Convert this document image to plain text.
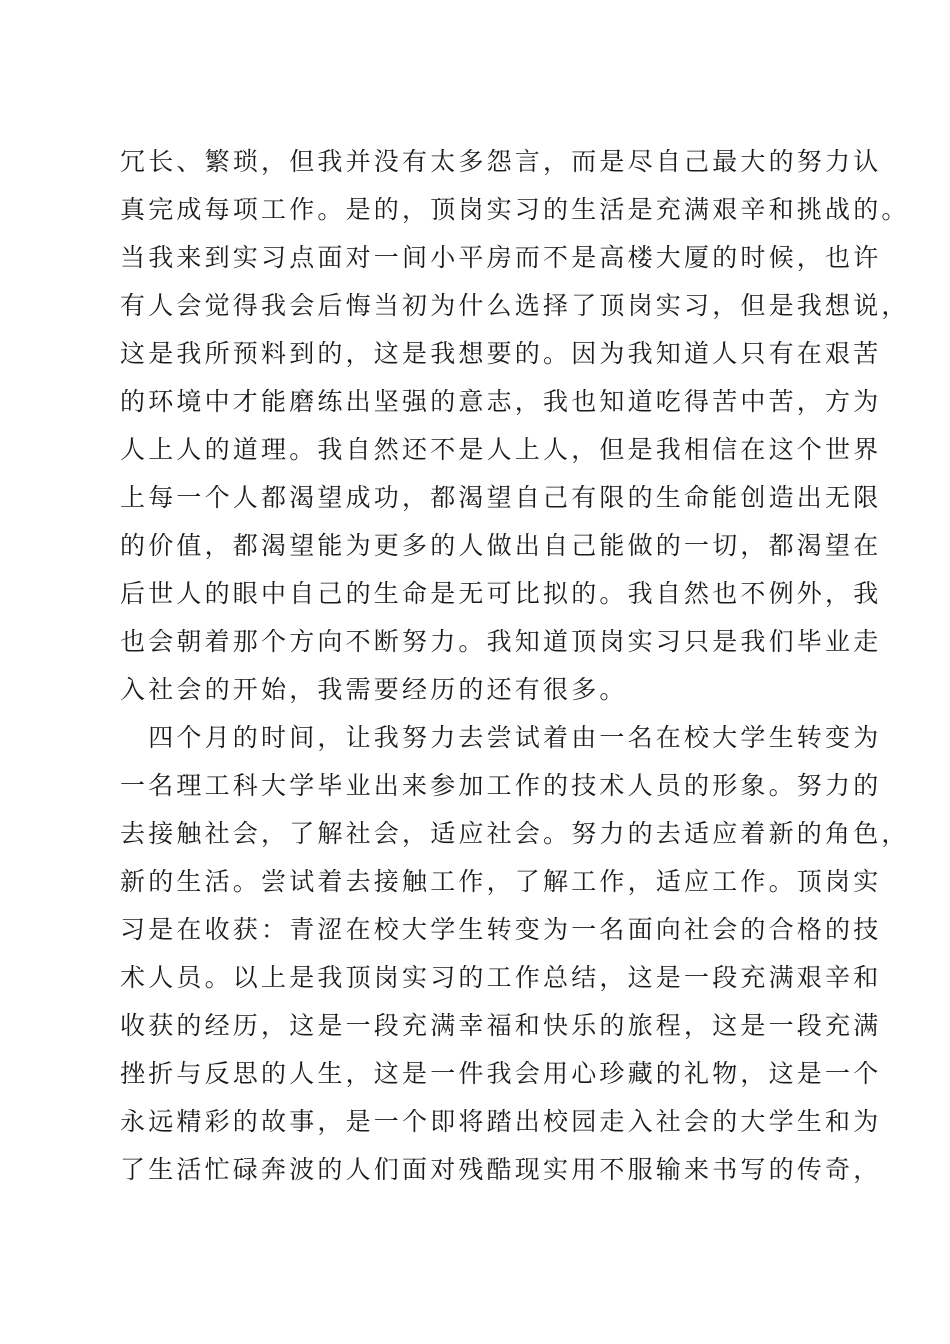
冗长、繁琐，但我并没有太多怨言，而是尽自己最大的努力认
真完成每项工作。是的，顶岗实习的生活是充满艰辛和挑战的。
当我来到实习点面对一间小平房而不是高楼大厦的时候，也许
有人会觉得我会后悔当初为什么选择了顶岗实习，但是我想说，
这是我所预料到的，这是我想要的。因为我知道人只有在艰苦
的环境中才能磨练出坚强的意志，我也知道吃得苦中苦，方为
人上人的道理。我自然还不是人上人，但是我相信在这个世界
上每一个人都渴望成功，都渴望自己有限的生命能创造出无限
的价值，都渴望能为更多的人做出自己能做的一切，都渴望在
后世人的眼中自己的生命是无可比拟的。我自然也不例外，我
也会朝着那个方向不断努力。我知道顶岗实习只是我们毕业走
入社会的开始，我需要经历的还有很多。
　四个月的时间，让我努力去尝试着由一名在校大学生转变为
一名理工科大学毕业出来参加工作的技术人员的形象。努力的
去接触社会，了解社会，适应社会。努力的去适应着新的角色，
新的生活。尝试着去接触工作，了解工作，适应工作。顶岗实
习是在收获：青涩在校大学生转变为一名面向社会的合格的技
术人员。以上是我顶岗实习的工作总结，这是一段充满艰辛和
收获的经历，这是一段充满幸福和快乐的旅程，这是一段充满
挫折与反思的人生，这是一件我会用心珍藏的礼物，这是一个
永远精彩的故事，是一个即将踏出校园走入社会的大学生和为
了生活忙碌奔波的人们面对残酷现实用不服输来书写的传奇，
